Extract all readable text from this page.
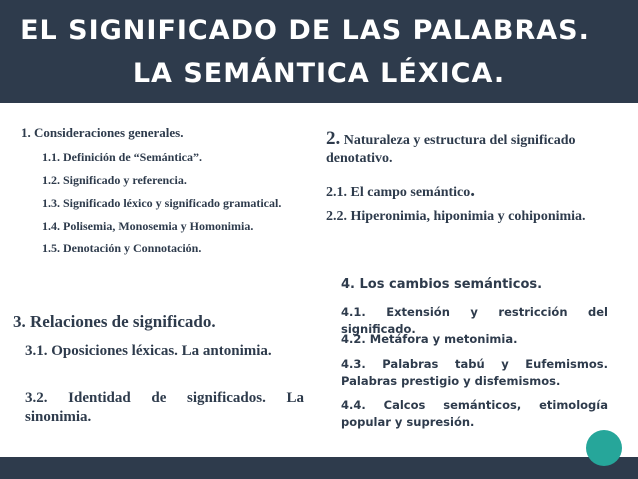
EL SIGNIFICADO DE LAS PALABRAS.
LA SEMÁNTICA LÉXICA.
1. Consideraciones generales.
1.1. Definición de “Semántica”.
1.2. Significado y referencia.
1.3. Significado léxico y significado gramatical.
1.4. Polisemia, Monosemia y Homonimia.
1.5. Denotación y Connotación.
2. Naturaleza y estructura del significado
denotativo.
2.1. El campo semántico.
2.2. Hiperonimia, hiponimia y cohiponimia.
3. Relaciones de significado.

3.1. Oposiciones léxicas. La antonimia.

3.2. Identidad de significados. La sinonimia.

4. Los cambios semánticos.

4.1. Extensión y restricción del significado.

4.2. Metáfora y metonimia.

4.3. Palabras tabú y Eufemismos. Palabras prestigio y disfemismos.

4.4. Calcos semánticos, etimología popular y supresión.
